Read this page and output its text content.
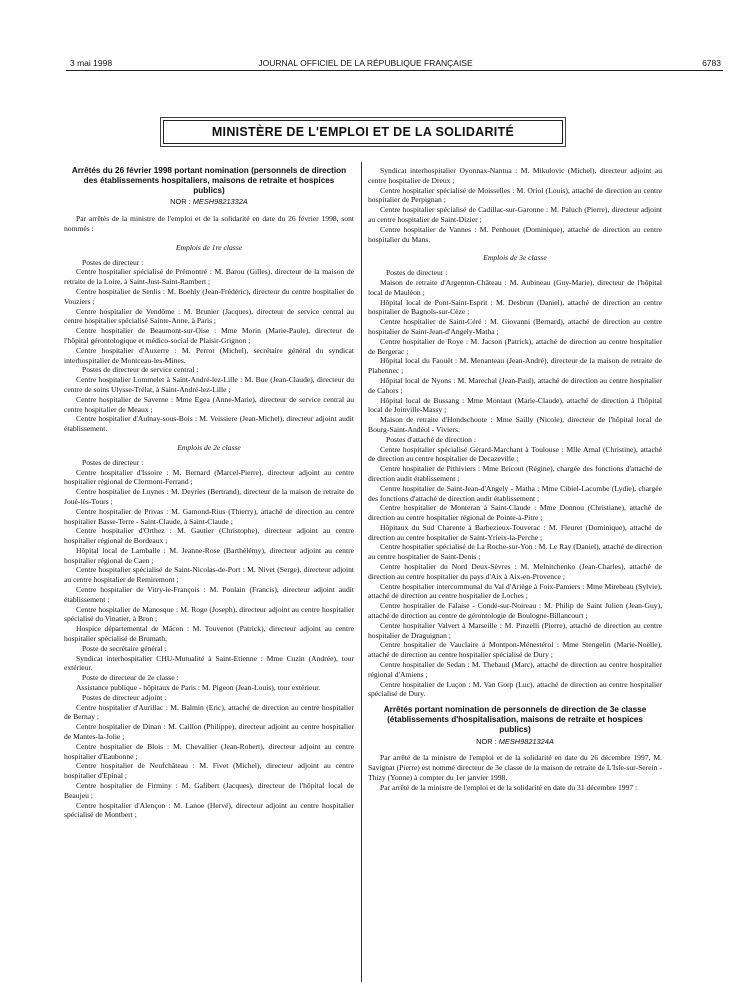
3 mai 1998	JOURNAL OFFICIEL DE LA RÉPUBLIQUE FRANÇAISE	6783
MINISTÈRE DE L'EMPLOI ET DE LA SOLIDARITÉ
Arrêtés du 26 février 1998 portant nomination (personnels de direction des établissements hospitaliers, maisons de retraite et hospices publics)
NOR : MESH9821332A

Par arrêtés de la ministre de l'emploi et de la solidarité en date du 26 février 1998, sont nommés :

Emplois de 1re classe

Postes de directeur :

Centre hospitalier spécialisé de Prémontré : M. Barou (Gilles), directeur de la maison de retraite de la Loire, à Saint-Just-Saint-Rambert ;

Centre hospitalier de Senlis : M. Boehly (Jean-Frédéric), directeur du centre hospitalier de Vouziers ;

Centre hospitalier de Vendôme : M. Brunier (Jacques), directeur de service central au centre hospitalier spécialisé Sainte-Anne, à Paris ;

Centre hospitalier de Beaumont-sur-Oise : Mme Morin (Marie-Paule), directeur de l'hôpital gérontologique et médico-social de Plaisir-Grignon ;

Centre hospitalier d'Auxerre : M. Perrot (Michel), secrétaire général du syndicat interhospitalier de Montceau-les-Mines.

Postes de directeur de service central :

Centre hospitalier Lommelet à Saint-André-lez-Lille : M. Bue (Jean-Claude), directeur du centre de soins Ulysse-Trélat, à Saint-André-lez-Lille ;

Centre hospitalier de Saverne : Mme Egea (Anne-Marie), directeur de service central au centre hospitalier de Meaux ;

Centre hospitalier d'Aulnay-sous-Bois : M. Veissiere (Jean-Michel), directeur adjoint audit établissement.

Emplois de 2e classe

Postes de directeur :

Centre hospitalier d'Issoire : M. Bernard (Marcel-Pierre), directeur adjoint au centre hospitalier régional de Clermont-Ferrand ;

Centre hospitalier de Luynes : M. Deyries (Bertrand), directeur de la maison de retraite de Joué-lès-Tours ;

Centre hospitalier de Privas : M. Gamond-Rius (Thierry), attaché de direction au centre hospitalier Basse-Terre - Saint-Claude, à Saint-Claude ;

Centre hospitalier d'Orthez : M. Gautier (Christophe), directeur adjoint au centre hospitalier régional de Bordeaux ;

Hôpital local de Lamballe : M. Jeanne-Rose (Barthélémy), directeur adjoint au centre hospitalier régional de Caen ;

Centre hospitalier spécialisé de Saint-Nicolas-de-Port : M. Nivet (Serge), directeur adjoint au centre hospitalier de Remiremont ;

Centre hospitalier de Vitry-le-François : M. Poulain (Francis), directeur adjoint audit établissement ;

Centre hospitalier de Manosque : M. Roge (Joseph), directeur adjoint au centre hospitalier spécialisé du Vinatier, à Bron ;

Hospice départemental de Mâcon : M. Touvenot (Patrick), directeur adjoint au centre hospitalier spécialisé de Brumath.

Poste de secrétaire général :

Syndicat interhospitalier CHU-Mutualité à Saint-Etienne : Mme Cuzin (Andrée), tour extérieur.

Poste de directeur de 2e classe :

Assistance publique - hôpitaux de Paris : M. Pigeon (Jean-Louis), tour extérieur.

Postes de directeur adjoint :

Centre hospitalier d'Aurillac : M. Balmin (Eric), attaché de direction au centre hospitalier de Bernay ;

Centre hospitalier de Dinan : M. Caillon (Philippe), directeur adjoint au centre hospitalier de Mantes-la-Jolie ;

Centre hospitalier de Blois : M. Chevallier (Jean-Robert), directeur adjoint au centre hospitalier d'Eaubonne ;

Centre hospitalier de Neufchâteau : M. Fivet (Michel), directeur adjoint au centre hospitalier d'Epinal ;

Centre hospitalier de Firminy : M. Galibert (Jacques), directeur de l'hôpital local de Beaujeu ;

Centre hospitalier d'Alençon : M. Lanoe (Hervé), directeur adjoint au centre hospitalier spécialisé de Montbert ;

Syndicat interhospitalier Oyonnax-Nantua : M. Mikulovic (Michel), directeur adjoint au centre hospitalier de Dreux ;

Centre hospitalier spécialisé de Moisselles : M. Oriol (Louis), attaché de direction au centre hospitalier de Perpignan ;

Centre hospitalier spécialisé de Cadillac-sur-Garonne : M. Paluch (Pierre), directeur adjoint au centre hospitalier de Saint-Dizier ;

Centre hospitalier de Vannes : M. Penhouet (Dominique), attaché de direction au centre hospitalier du Mans.

Emplois de 3e classe

Postes de directeur :

Maison de retraite d'Argenton-Château : M. Aubineau (Guy-Marie), directeur de l'hôpital local de Mauléon ;

Hôpital local de Pont-Saint-Esprit : M. Desbrun (Daniel), attaché de direction au centre hospitalier de Bagnols-sur-Cèze ;

Centre hospitalier de Saint-Céré : M. Giovanni (Bernard), attaché de direction au centre hospitalier de Saint-Jean-d'Angely-Matha ;

Centre hospitalier de Roye : M. Jacson (Patrick), attaché de direction au centre hospitalier de Bergerac ;

Hôpital local du Faouët : M. Menanteau (Jean-André), directeur de la maison de retraite de Plabennec ;

Hôpital local de Nyons : M. Marechal (Jean-Paul), attaché de direction au centre hospitalier de Cahors ;

Hôpital local de Bussang : Mme Montaut (Marie-Claude), attaché de direction à l'hôpital local de Joinville-Massy ;

Maison de retraite d'Hondschoote : Mme Sailly (Nicole), directeur de l'hôpital local de Bourg-Saint-Andéol - Viviers.

Postes d'attaché de direction :

Centre hospitalier spécialisé Gérard-Marchant à Toulouse : Mlle Arnal (Christine), attaché de direction au centre hospitalier de Decazeville ;

Centre hospitalier de Pithiviers : Mme Bricout (Régine), chargée des fonctions d'attaché de direction audit établissement ;

Centre hospitalier de Saint-Jean-d'Angely - Matha : Mme Cibiel-Lacombe (Lydie), chargée des fonctions d'attaché de direction audit établissement ;

Centre hospitalier de Monteran à Saint-Claude : Mme Donnou (Christiane), attaché de direction au centre hospitalier régional de Pointe-à-Pitre ;

Hôpitaux du Sud Charente à Barbezieux-Touverac : M. Fleuret (Dominique), attaché de direction au centre hospitalier de Saint-Yrieix-la-Perche ;

Centre hospitalier spécialisé de La Roche-sur-Yon : M. Le Ray (Daniel), attaché de direction au centre hospitalier de Saint-Denis ;

Centre hospitalier du Nord Deux-Sèvres : M. Melnitchenko (Jean-Charles), attaché de direction au centre hospitalier du pays d'Aix à Aix-en-Provence ;

Centre hospitalier intercommunal du Val d'Ariège à Foix-Pamiers : Mme Mirebeau (Sylvie), attaché de direction au centre hospitalier de Loches ;

Centre hospitalier de Falaise - Condé-sur-Noireau : M. Philip de Saint Julien (Jean-Guy), attaché de direction au centre de gérontologie de Boulogne-Billancourt ;

Centre hospitalier Valvert à Marseille : M. Pinzelli (Pierre), attaché de direction au centre hospitalier de Draguignan ;

Centre hospitalier de Vauclaire à Montpon-Ménestérol : Mme Stengelin (Marie-Noëlle), attaché de direction au centre hospitalier spécialisé de Dury ;

Centre hospitalier de Sedan : M. Thebaud (Marc), attaché de direction au centre hospitalier régional d'Amiens ;

Centre hospitalier de Luçon : M. Van Gorp (Luc), attaché de direction au centre hospitalier spécialisé de Dury.

Arrêtés portant nomination de personnels de direction de 3e classe (établissements d'hospitalisation, maisons de retraite et hospices publics)
NOR : MESH9821324A

Par arrêté de la ministre de l'emploi et de la solidarité en date du 26 décembre 1997, M. Savignat (Pierre) est nommé directeur de 3e classe de la maison de retraite de L'Isle-sur-Serein - Thizy (Yonne) à compter du 1er janvier 1998.

Par arrêté de la ministre de l'emploi et de la solidarité en date du 31 décembre 1997 :
